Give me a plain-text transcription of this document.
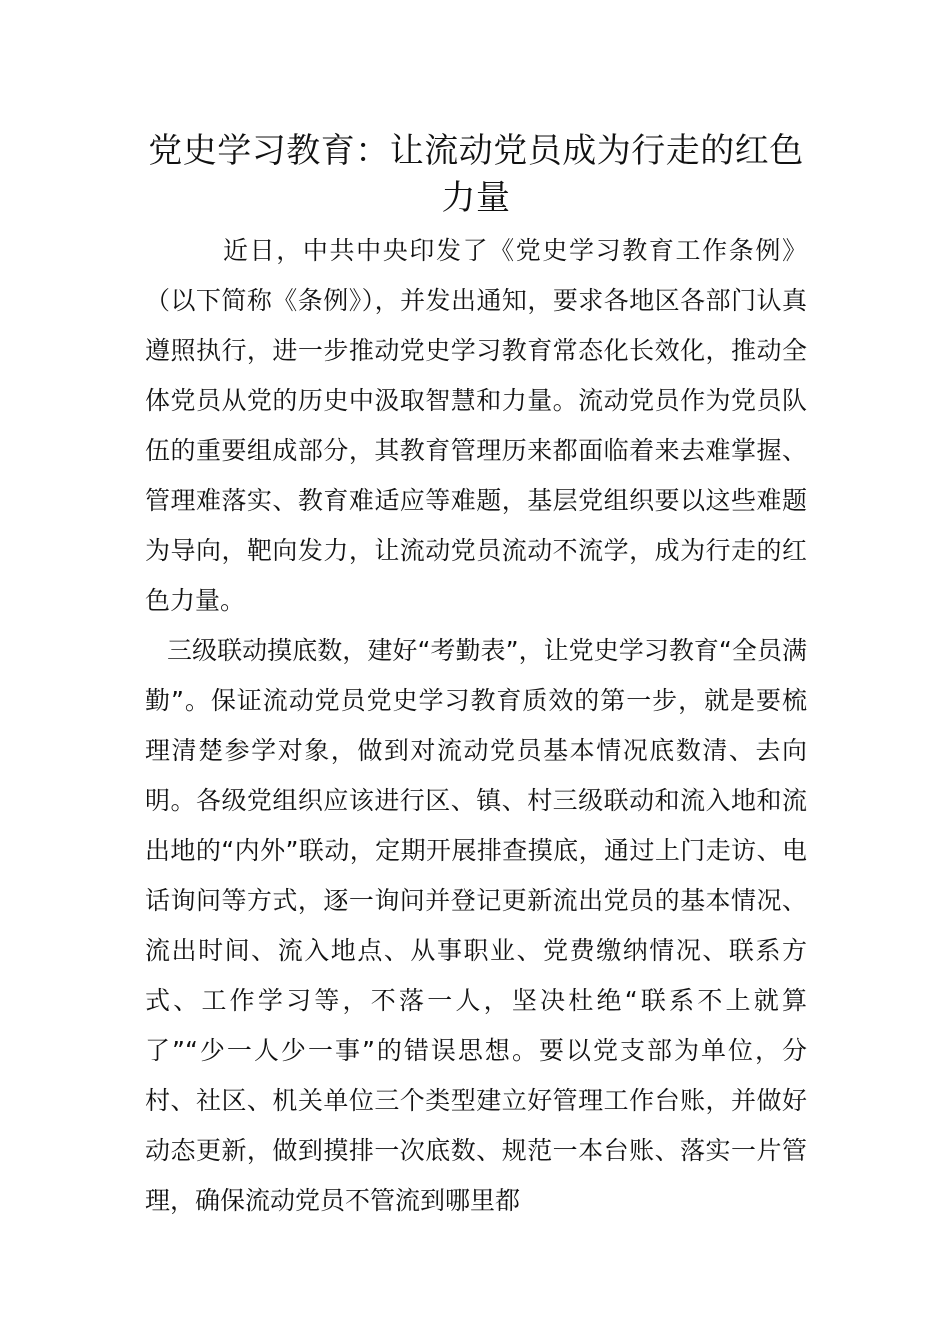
党史学习教育：让流动党员成为行走的红色力量

近日，中共中央印发了《党史学习教育工作条例》（以下简称《条例》），并发出通知，要求各地区各部门认真遵照执行，进一步推动党史学习教育常态化长效化，推动全体党员从党的历史中汲取智慧和力量。流动党员作为党员队伍的重要组成部分，其教育管理历来都面临着来去难掌握、管理难落实、教育难适应等难题，基层党组织要以这些难题为导向，靶向发力，让流动党员流动不流学，成为行走的红色力量。

三级联动摸底数，建好“考勤表”，让党史学习教育“全员满勤”。保证流动党员党史学习教育质效的第一步，就是要梳理清楚参学对象，做到对流动党员基本情况底数清、去向明。各级党组织应该进行区、镇、村三级联动和流入地和流出地的“内外”联动，定期开展排查摸底，通过上门走访、电话询问等方式，逐一询问并登记更新流出党员的基本情况、流出时间、流入地点、从事职业、党费缴纳情况、联系方式、工作学习等，不落一人，坚决杜绝“联系不上就算了”“少一人少一事”的错误思想。要以党支部为单位，分村、社区、机关单位三个类型建立好管理工作台账，并做好动态更新，做到摸排一次底数、规范一本台账、落实一片管理，确保流动党员不管流到哪里都
